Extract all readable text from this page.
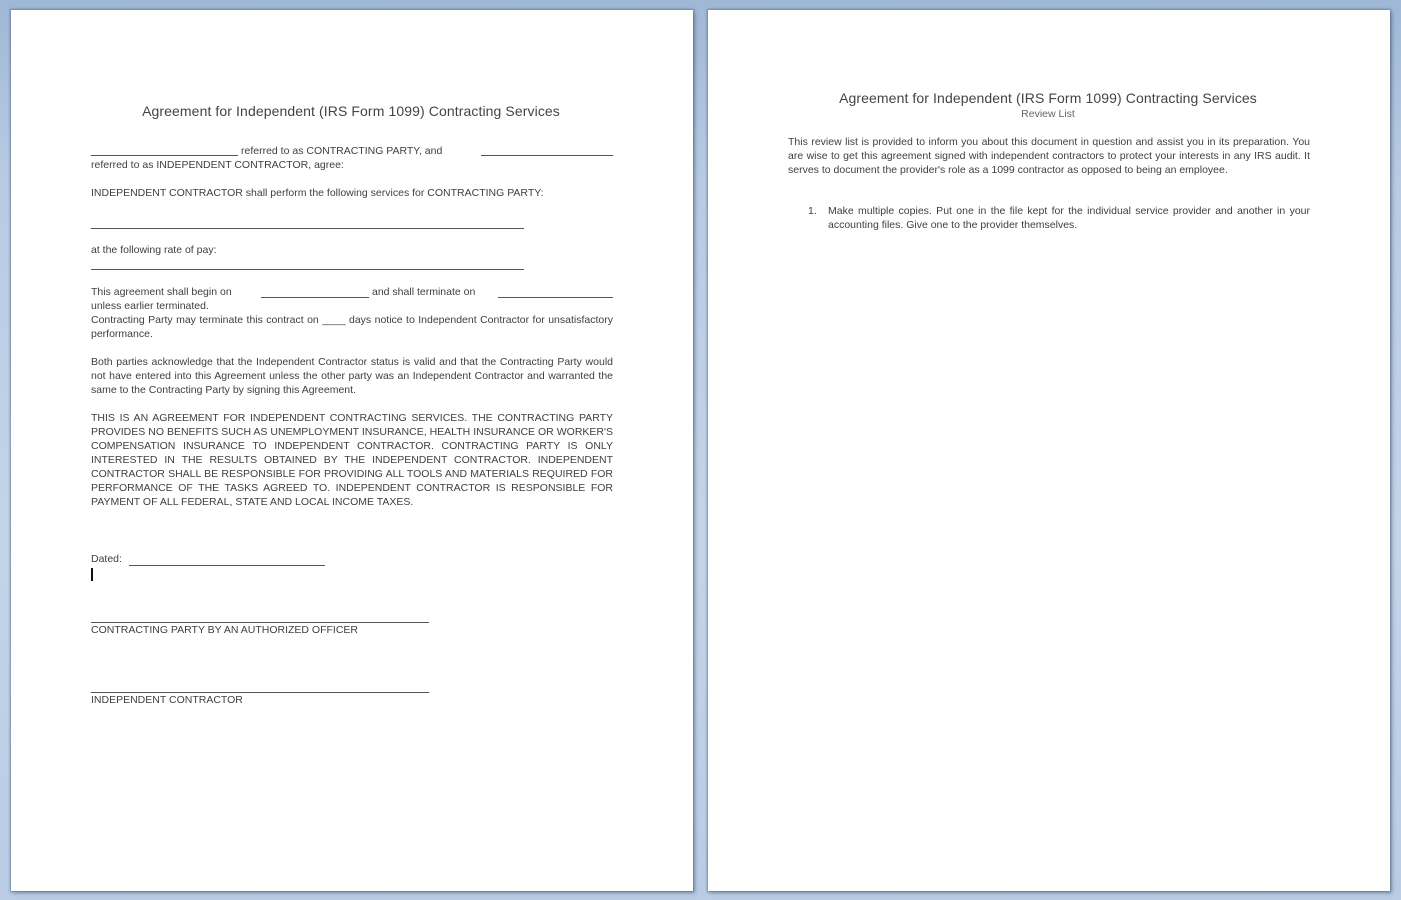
Agreement for Independent (IRS Form 1099) Contracting Services
referred to as CONTRACTING PARTY, and
referred to as INDEPENDENT CONTRACTOR, agree:
INDEPENDENT CONTRACTOR shall perform the following services for CONTRACTING PARTY:
at the following rate of pay:
This agreement shall begin on	and shall terminate on
unless earlier terminated.
Contracting Party may terminate this contract on ____ days notice to Independent Contractor for unsatisfactory performance.
Both parties acknowledge that the Independent Contractor status is valid and that the Contracting Party would not have entered into this Agreement unless the other party was an Independent Contractor and warranted the same to the Contracting Party by signing this Agreement.
THIS IS AN AGREEMENT FOR INDEPENDENT CONTRACTING SERVICES. THE CONTRACTING PARTY PROVIDES NO BENEFITS SUCH AS UNEMPLOYMENT INSURANCE, HEALTH INSURANCE OR WORKER'S COMPENSATION INSURANCE TO INDEPENDENT CONTRACTOR. CONTRACTING PARTY IS ONLY INTERESTED IN THE RESULTS OBTAINED BY THE INDEPENDENT CONTRACTOR. INDEPENDENT CONTRACTOR SHALL BE RESPONSIBLE FOR PROVIDING ALL TOOLS AND MATERIALS REQUIRED FOR PERFORMANCE OF THE TASKS AGREED TO. INDEPENDENT CONTRACTOR IS RESPONSIBLE FOR PAYMENT OF ALL FEDERAL, STATE AND LOCAL INCOME TAXES.
Dated:
CONTRACTING PARTY BY AN AUTHORIZED OFFICER
INDEPENDENT CONTRACTOR
Agreement for Independent (IRS Form 1099) Contracting Services
Review List
This review list is provided to inform you about this document in question and assist you in its preparation. You are wise to get this agreement signed with independent contractors to protect your interests in any IRS audit. It serves to document the provider's role as a 1099 contractor as opposed to being an employee.
1. Make multiple copies. Put one in the file kept for the individual service provider and another in your accounting files. Give one to the provider themselves.
